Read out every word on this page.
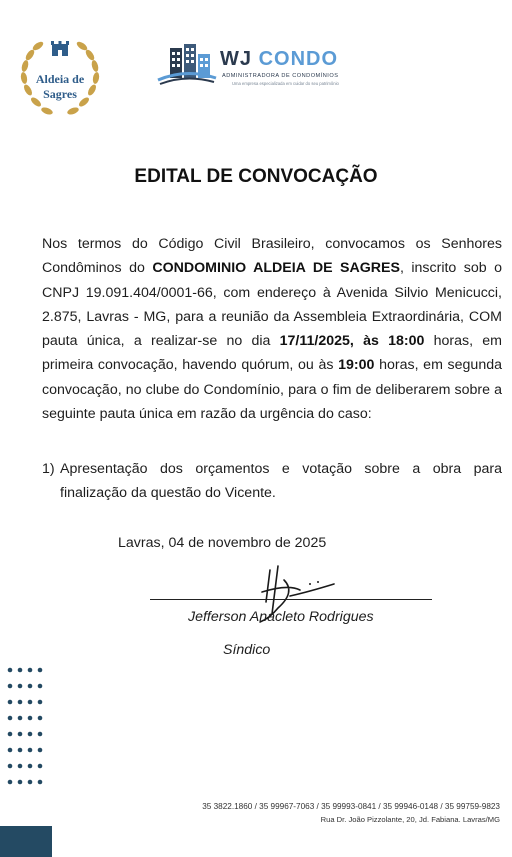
Aldeia de
Sagres
WJ CONDO
ADMINISTRADORA DE CONDOMÍNIOS
Uma empresa especializada em cuidar do seu patrimônio
EDITAL DE CONVOCAÇÃO
Nos termos do Código Civil Brasileiro, convocamos os Senhores Condôminos do CONDOMINIO ALDEIA DE SAGRES, inscrito sob o CNPJ 19.091.404/0001-66, com endereço à Avenida Silvio Menicucci, 2.875, Lavras - MG, para a reunião da Assembleia Extraordinária, COM pauta única, a realizar-se no dia 17/11/2025, às 18:00 horas, em primeira convocação, havendo quórum, ou às 19:00 horas, em segunda convocação, no clube do Condomínio, para o fim de deliberarem sobre a seguinte pauta única em razão da urgência do caso:
1) Apresentação dos orçamentos e votação sobre a obra para finalização da questão do Vicente.
Lavras, 04 de novembro de 2025
Jefferson Anacleto Rodrigues
Síndico
35 3822.1860 / 35 99967-7063 / 35 99993-0841 / 35 99946-0148 / 35 99759-9823
Rua Dr. João Pizzolante, 20, Jd. Fabiana. Lavras/MG
